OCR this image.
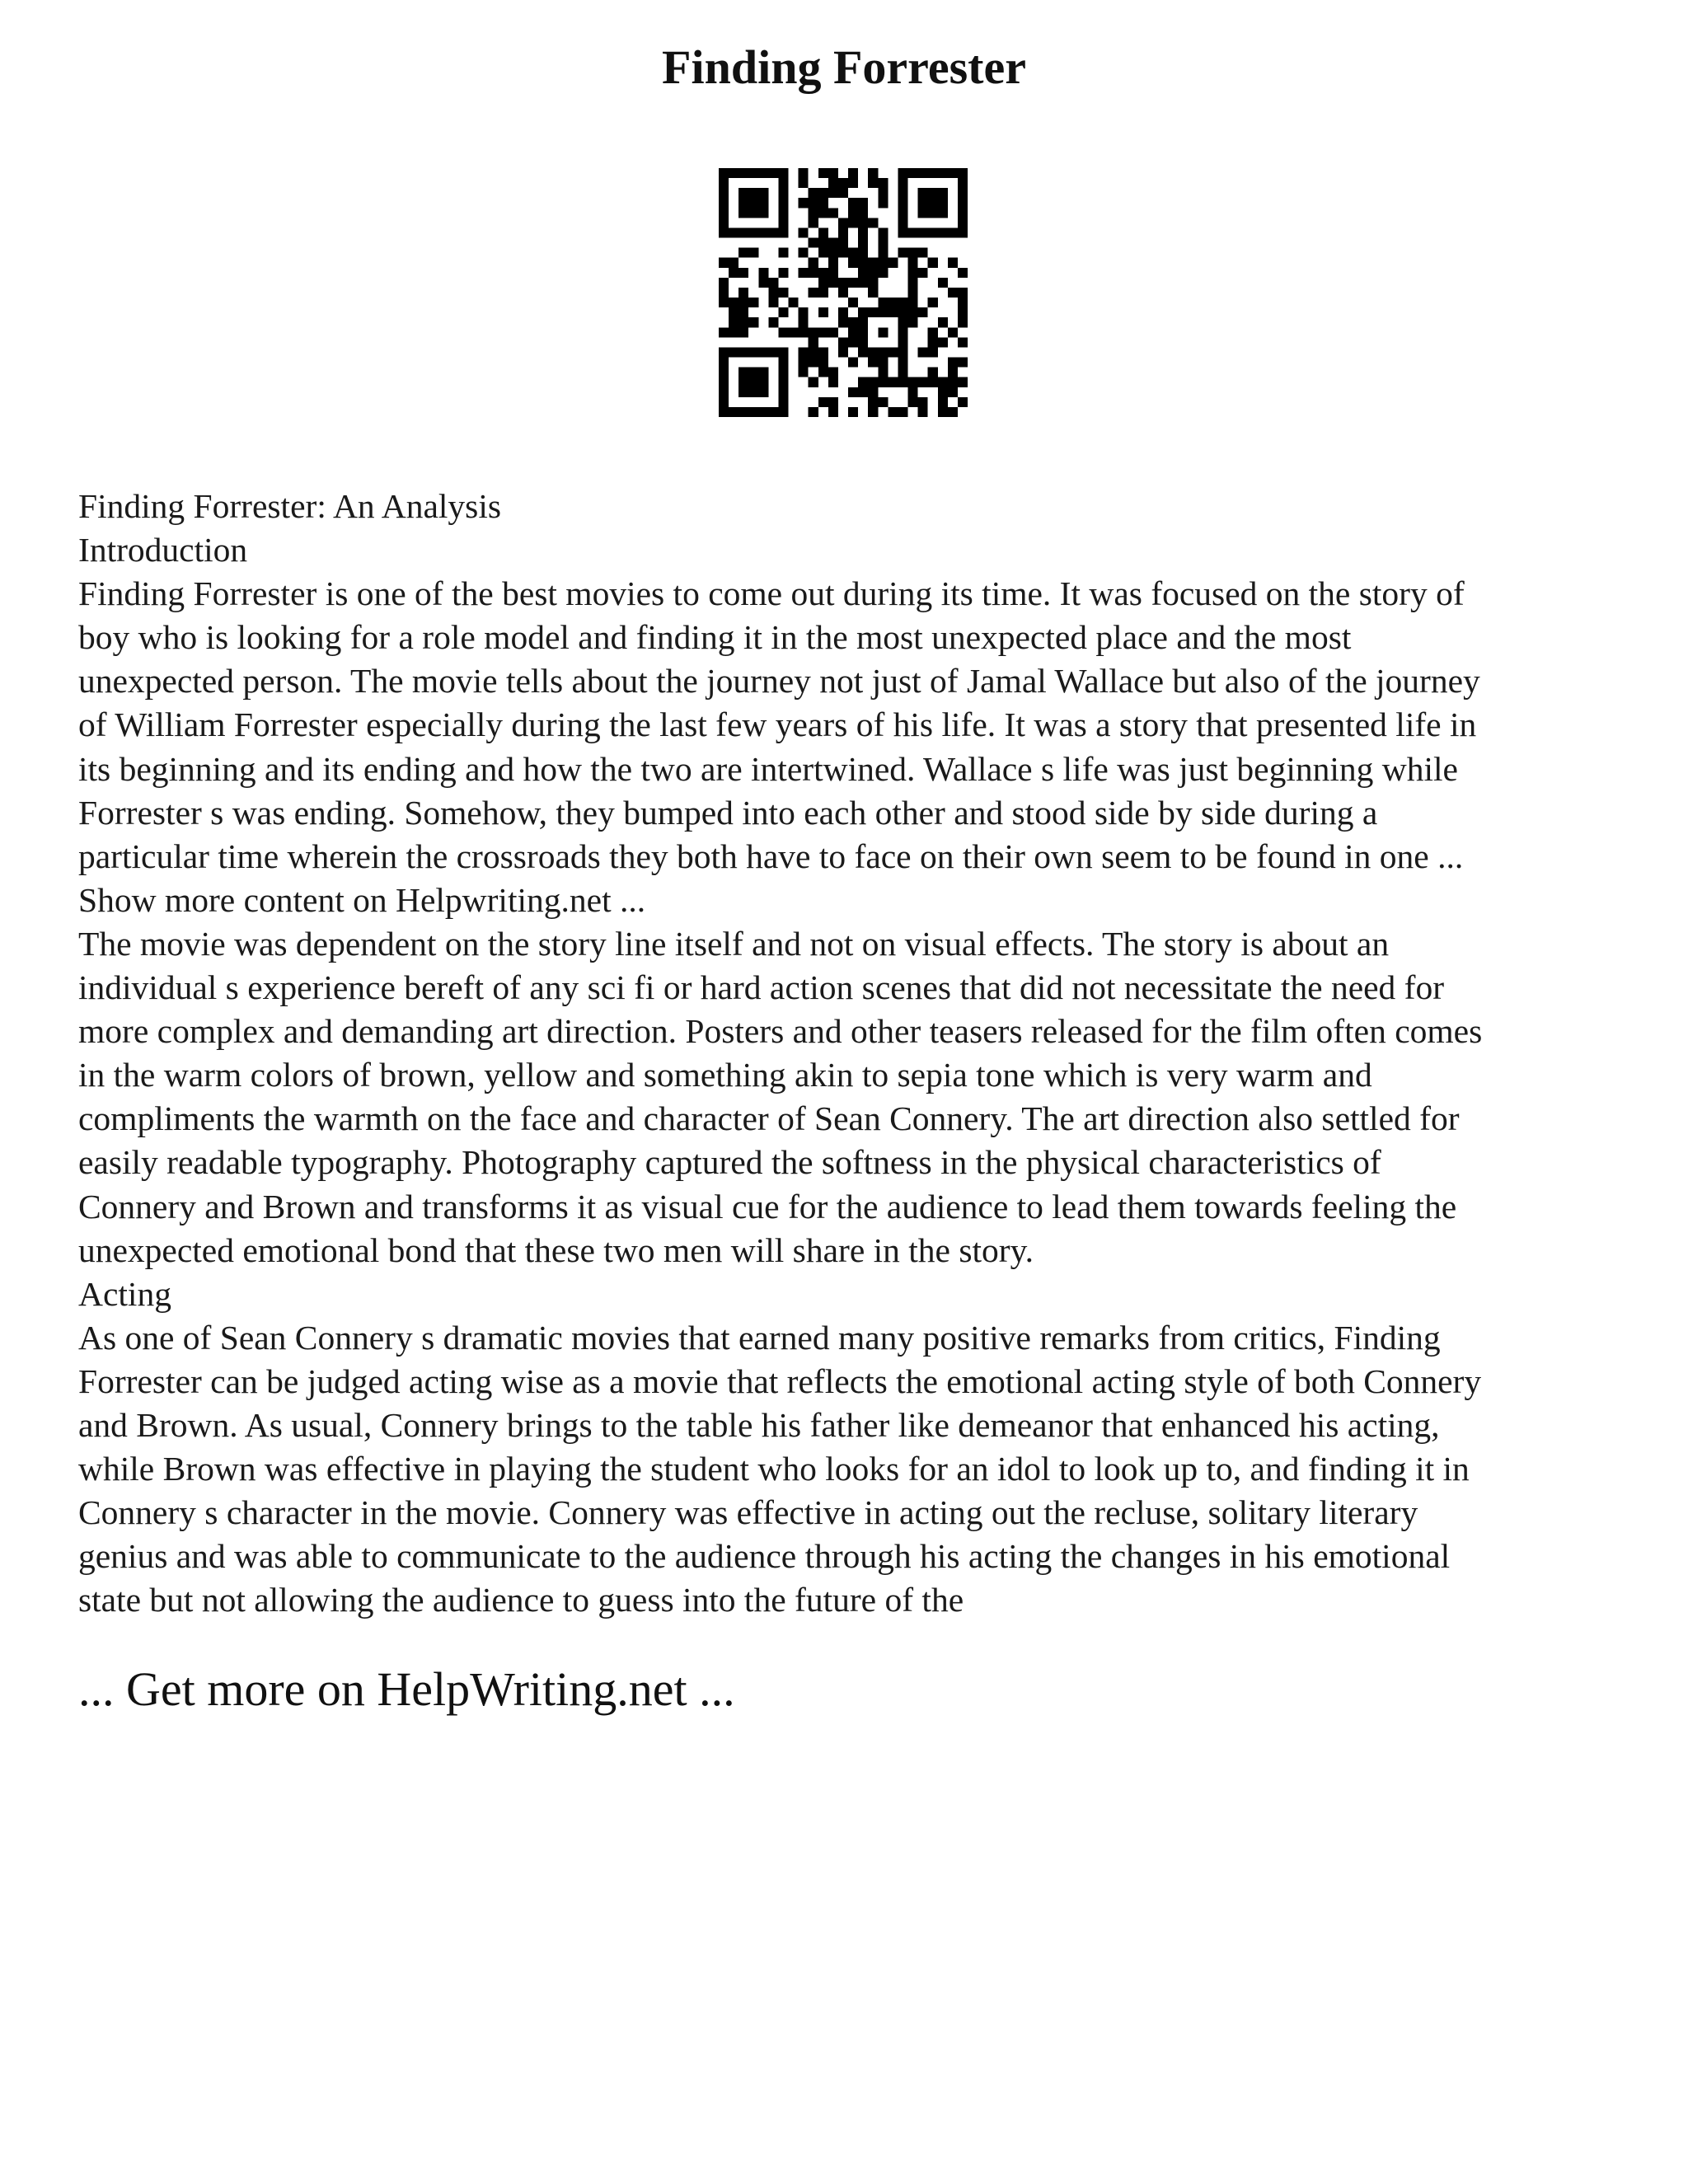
Finding Forrester
Finding Forrester: An Analysis
Introduction
Finding Forrester is one of the best movies to come out during its time. It was focused on the story of
boy who is looking for a role model and finding it in the most unexpected place and the most
unexpected person. The movie tells about the journey not just of Jamal Wallace but also of the journey
of William Forrester especially during the last few years of his life. It was a story that presented life in
its beginning and its ending and how the two are intertwined. Wallace s life was just beginning while
Forrester s was ending. Somehow, they bumped into each other and stood side by side during a
particular time wherein the crossroads they both have to face on their own seem to be found in one ...
Show more content on Helpwriting.net ...
The movie was dependent on the story line itself and not on visual effects. The story is about an
individual s experience bereft of any sci fi or hard action scenes that did not necessitate the need for
more complex and demanding art direction. Posters and other teasers released for the film often comes
in the warm colors of brown, yellow and something akin to sepia tone which is very warm and
compliments the warmth on the face and character of Sean Connery. The art direction also settled for
easily readable typography. Photography captured the softness in the physical characteristics of
Connery and Brown and transforms it as visual cue for the audience to lead them towards feeling the
unexpected emotional bond that these two men will share in the story.
Acting
As one of Sean Connery s dramatic movies that earned many positive remarks from critics, Finding
Forrester can be judged acting wise as a movie that reflects the emotional acting style of both Connery
and Brown. As usual, Connery brings to the table his father like demeanor that enhanced his acting,
while Brown was effective in playing the student who looks for an idol to look up to, and finding it in
Connery s character in the movie. Connery was effective in acting out the recluse, solitary literary
genius and was able to communicate to the audience through his acting the changes in his emotional
state but not allowing the audience to guess into the future of the
... Get more on HelpWriting.net ...
